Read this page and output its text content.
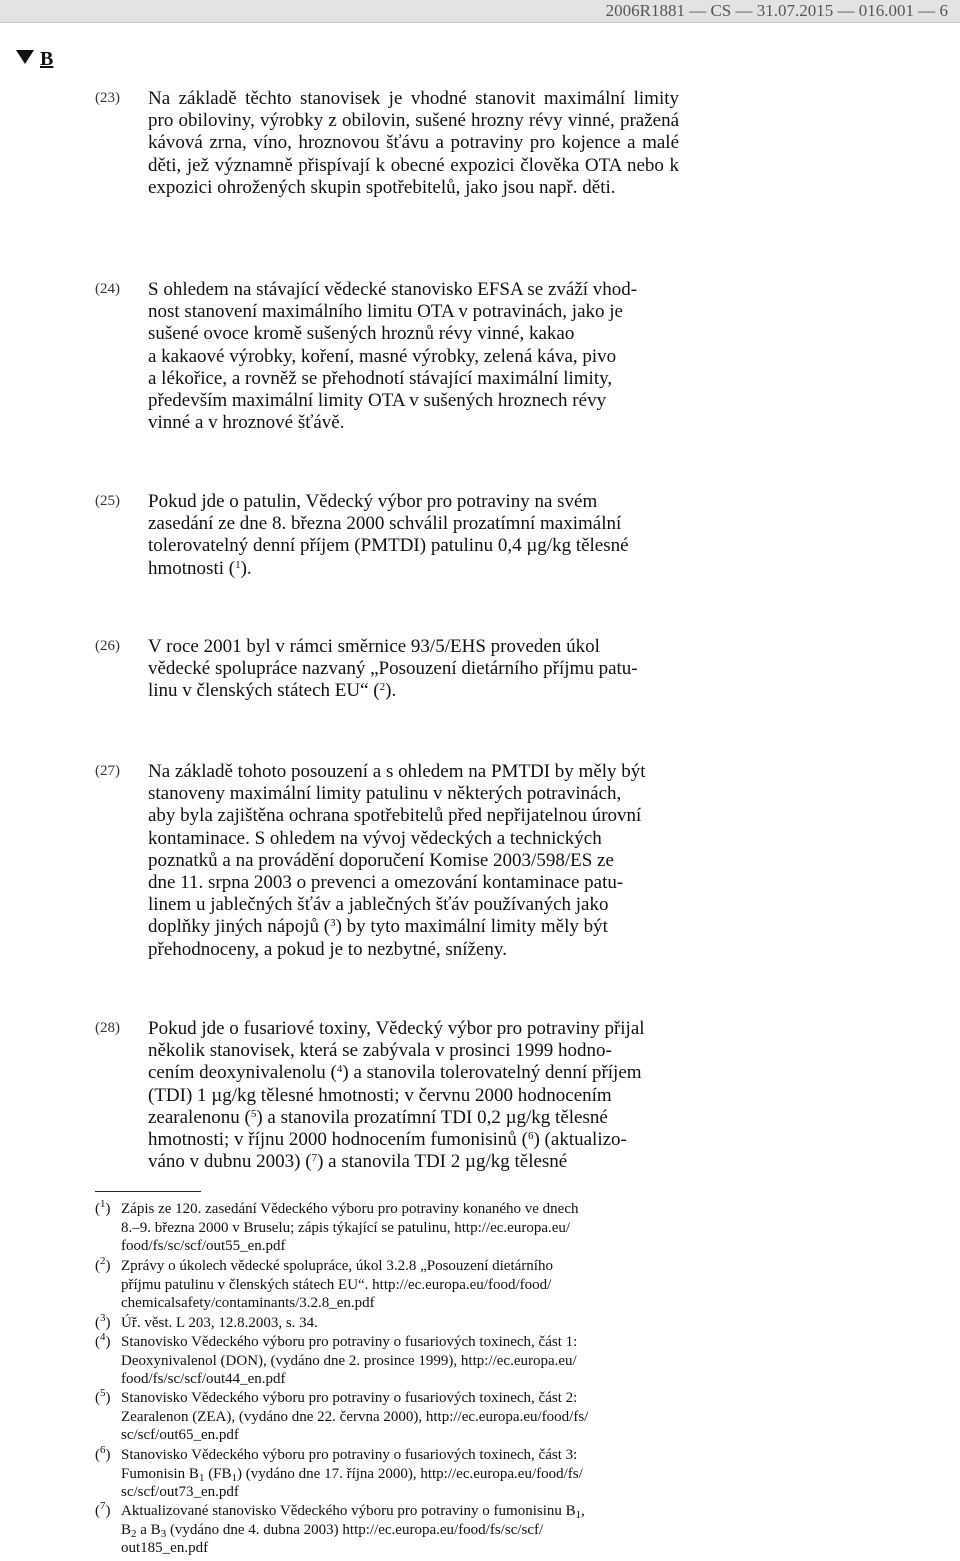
2006R1881 — CS — 31.07.2015 — 016.001 — 6
B
(23) Na základě těchto stanovisek je vhodné stanovit maximální limity pro obiloviny, výrobky z obilovin, sušené hrozny révy vinné, pražená kávová zrna, víno, hroznovou šťávu a potraviny pro kojence a malé děti, jež významně přispívají k obecné expozici člověka OTA nebo k expozici ohrožených skupin spotřebitelů, jako jsou např. děti.
(24) S ohledem na stávající vědecké stanovisko EFSA se zváží vhod-
nost stanovení maximálního limitu OTA v potravinách, jako je
sušené ovoce kromě sušených hroznů révy vinné, kakao
a kakaové výrobky, koření, masné výrobky, zelená káva, pivo
a lékořice, a rovněž se přehodnotí stávající maximální limity,
především maximální limity OTA v sušených hroznech révy
vinné a v hroznové šťávě.
(25) Pokud jde o patulin, Vědecký výbor pro potraviny na svém
zasedání ze dne 8. března 2000 schválil prozatímní maximální
tolerovatelný denní příjem (PMTDI) patulinu 0,4 µg/kg tělesné
hmotnosti ($^1$).
(26) V roce 2001 byl v rámci směrnice 93/5/EHS proveden úkol
vědecké spolupráce nazvaný „Posouzení dietárního příjmu patu-
linu v členských státech EU“ ($^2$).
(27) Na základě tohoto posouzení a s ohledem na PMTDI by měly být
stanoveny maximální limity patulinu v některých potravinách,
aby byla zajištěna ochrana spotřebitelů před nepřijatelnou úrovní
kontaminace. S ohledem na vývoj vědeckých a technických
poznatků a na provádění doporučení Komise 2003/598/ES ze
dne 11. srpna 2003 o prevenci a omezování kontaminace patu-
linem u jablečných šťáv a jablečných šťáv používaných jako
doplňky jiných nápojů ($^3$) by tyto maximální limity měly být
přehodnoceny, a pokud je to nezbytné, sníženy.
(28) Pokud jde o fusariové toxiny, Vědecký výbor pro potraviny přijal
několik stanovisek, která se zabývala v prosinci 1999 hodno-
cením deoxynivalenolu ($^4$) a stanovila tolerovatelný denní příjem
(TDI) 1 µg/kg tělesné hmotnosti; v červnu 2000 hodnocením
zearalenonu ($^5$) a stanovila prozatímní TDI 0,2 µg/kg tělesné
hmotnosti; v říjnu 2000 hodnocením fumonisinů ($^6$) (aktualizo-
váno v dubnu 2003) ($^7$) a stanovila TDI 2 µg/kg tělesné
($^1$) Zápis ze 120. zasedání Vědeckého výboru pro potraviny konaného ve dnech
8.–9. března 2000 v Bruselu; zápis týkající se patulinu, http://ec.europa.eu/
food/fs/sc/scf/out55_en.pdf
($^2$) Zprávy o úkolech vědecké spolupráce, úkol 3.2.8 „Posouzení dietárního
příjmu patulinu v členských státech EU“. http://ec.europa.eu/food/food/
chemicalsafety/contaminants/3.2.8_en.pdf
($^3$) Úř. věst. L 203, 12.8.2003, s. 34.
($^4$) Stanovisko Vědeckého výboru pro potraviny o fusariových toxinech, část 1:
Deoxynivalenol (DON), (vydáno dne 2. prosince 1999), http://ec.europa.eu/
food/fs/sc/scf/out44_en.pdf
($^5$) Stanovisko Vědeckého výboru pro potraviny o fusariových toxinech, část 2:
Zearalenon (ZEA), (vydáno dne 22. června 2000), http://ec.europa.eu/food/fs/
sc/scf/out65_en.pdf
($^6$) Stanovisko Vědeckého výboru pro potraviny o fusariových toxinech, část 3:
Fumonisin $B_1$ $(FB_1)$ (vydáno dne 17. října 2000), http://ec.europa.eu/food/fs/
sc/scf/out73_en.pdf
($^7$) Aktualizované stanovisko Vědeckého výboru pro potraviny o fumonisinu $B_1$,
$B_2$ a $B_3$ (vydáno dne 4. dubna 2003) http://ec.europa.eu/food/fs/sc/scf/
out185_en.pdf
